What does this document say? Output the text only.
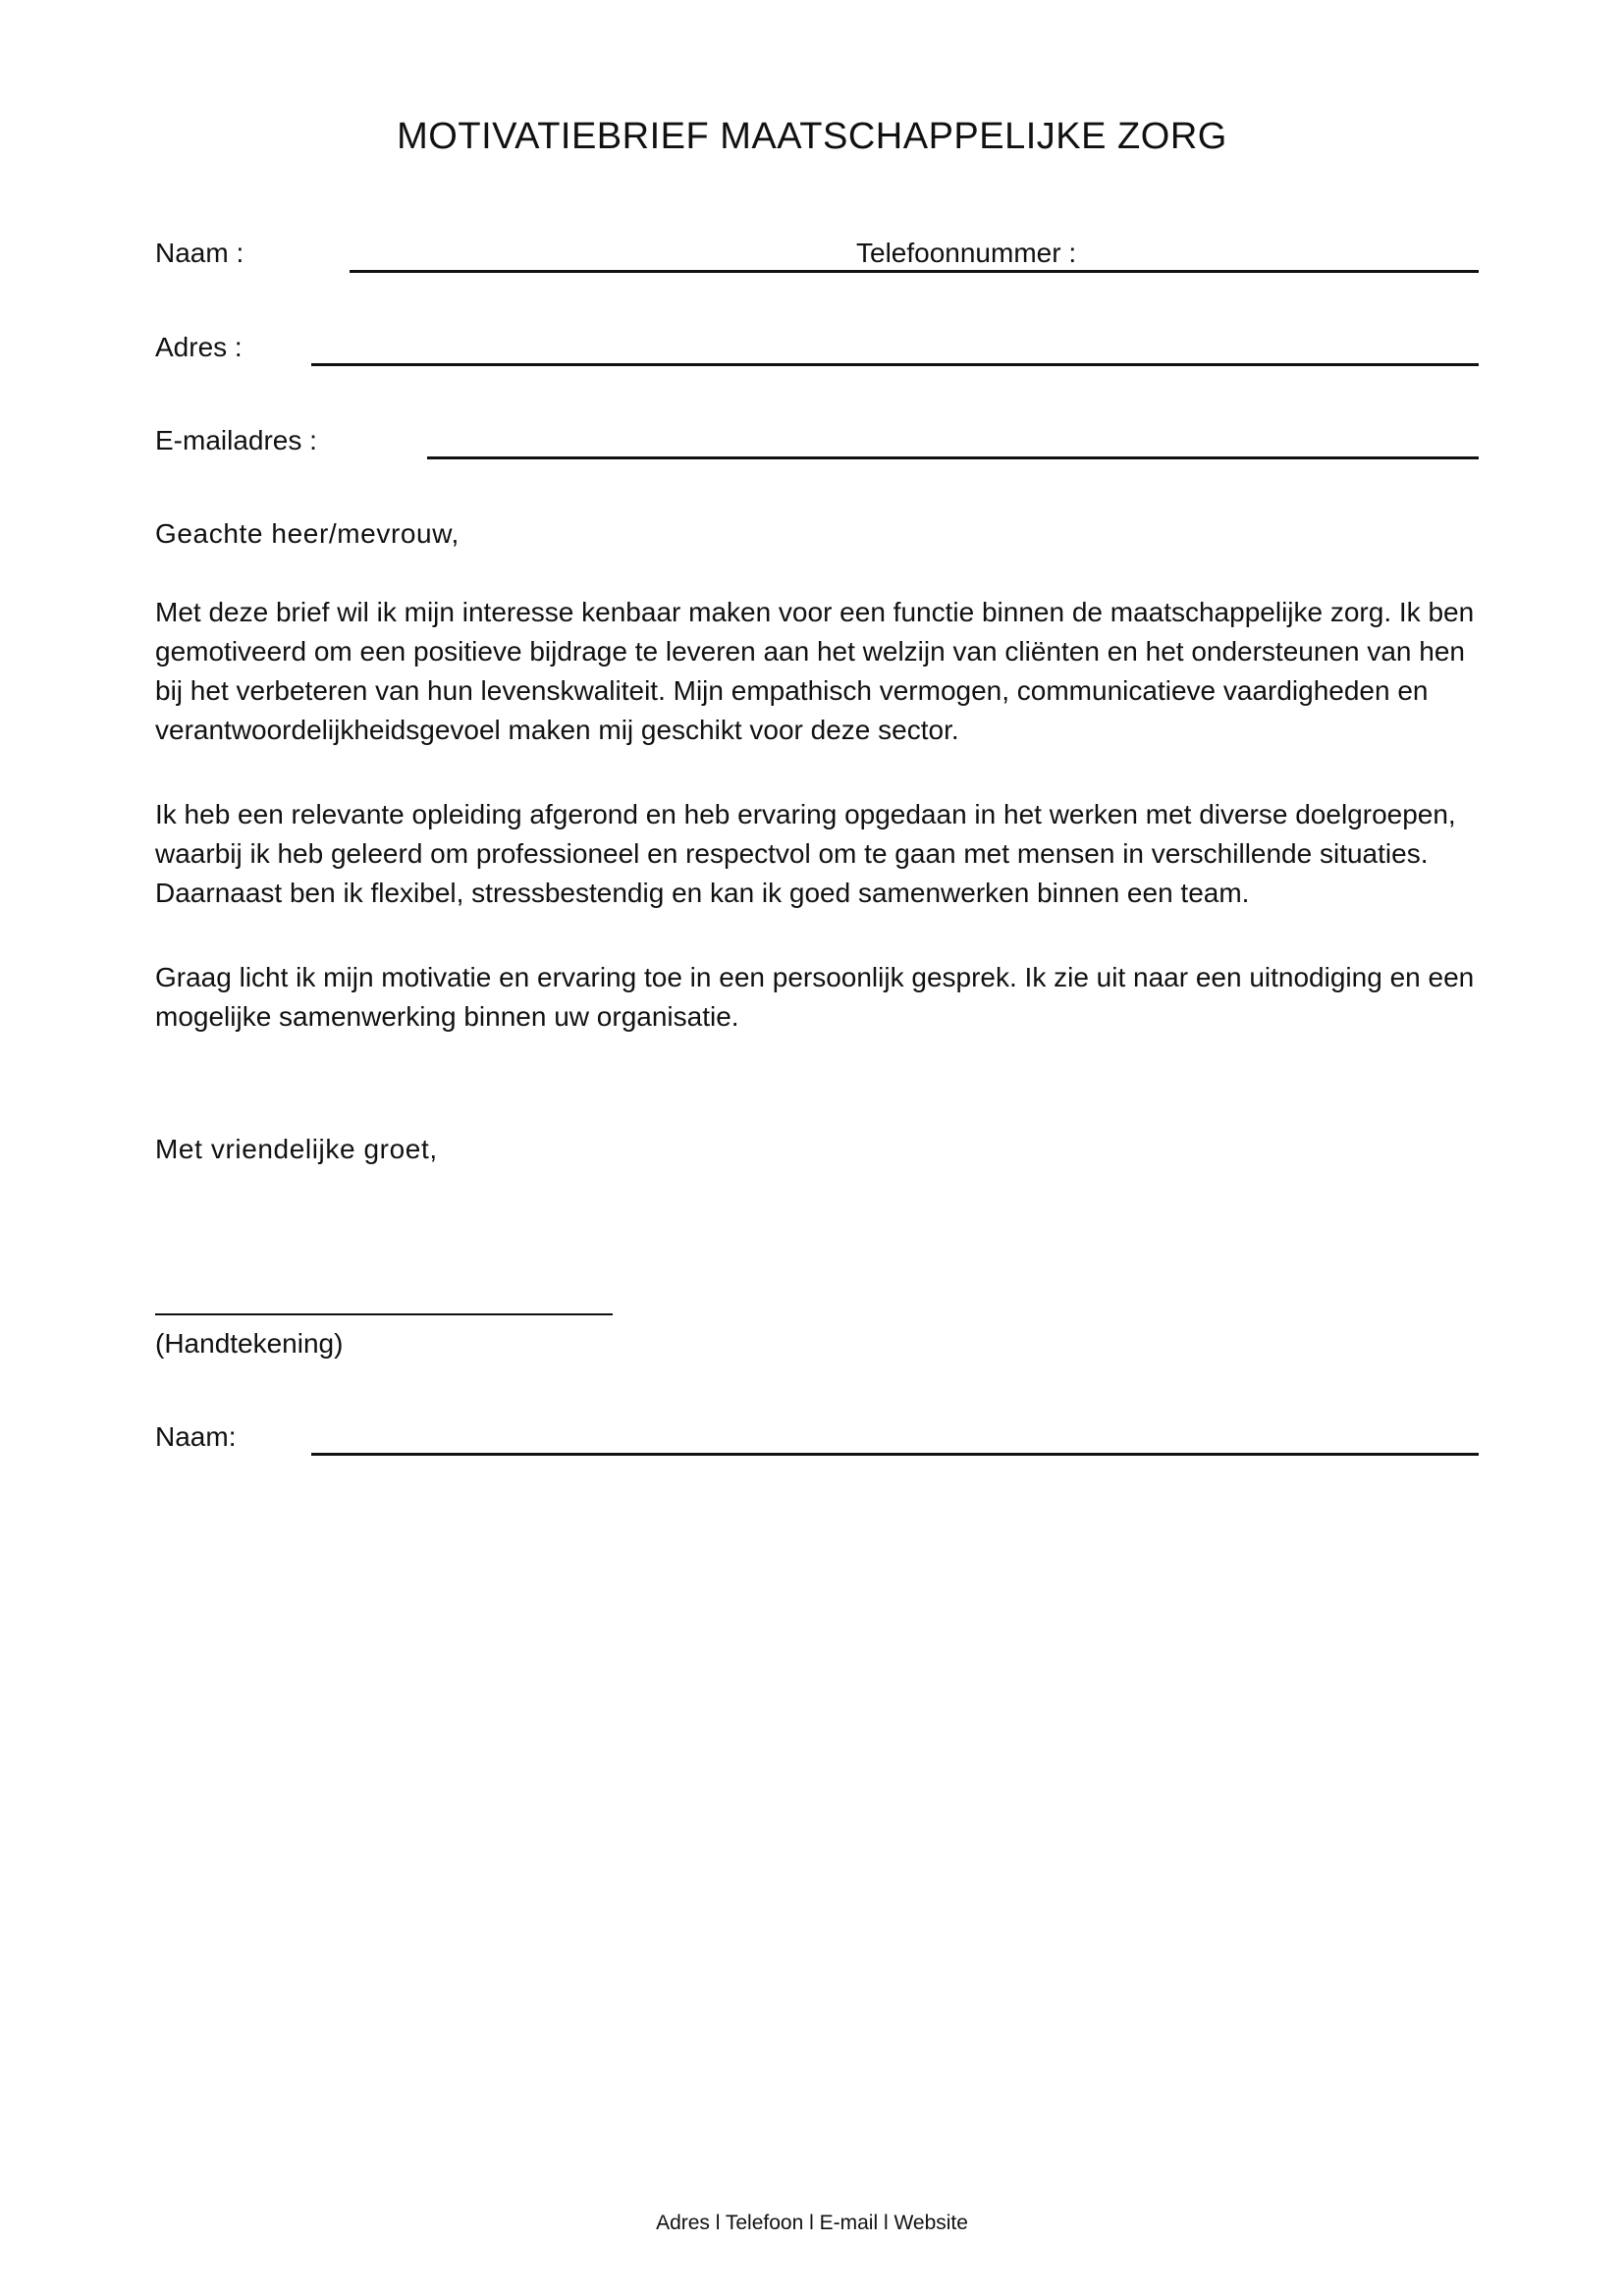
MOTIVATIEBRIEF MAATSCHAPPELIJKE ZORG
Naam :	Telefoonnummer :
Adres :
E-mailadres :
Geachte heer/mevrouw,

Met deze brief wil ik mijn interesse kenbaar maken voor een functie binnen de maatschappelijke zorg. Ik ben gemotiveerd om een positieve bijdrage te leveren aan het welzijn van cliënten en het ondersteunen van hen bij het verbeteren van hun levenskwaliteit. Mijn empathisch vermogen, communicatieve vaardigheden en verantwoordelijkheidsgevoel maken mij geschikt voor deze sector.

Ik heb een relevante opleiding afgerond en heb ervaring opgedaan in het werken met diverse doelgroepen, waarbij ik heb geleerd om professioneel en respectvol om te gaan met mensen in verschillende situaties. Daarnaast ben ik flexibel, stressbestendig en kan ik goed samenwerken binnen een team.

Graag licht ik mijn motivatie en ervaring toe in een persoonlijk gesprek. Ik zie uit naar een uitnodiging en een mogelijke samenwerking binnen uw organisatie.

Met vriendelijke groet,
(Handtekening)
Naam:
Adres l Telefoon l E-mail l Website
